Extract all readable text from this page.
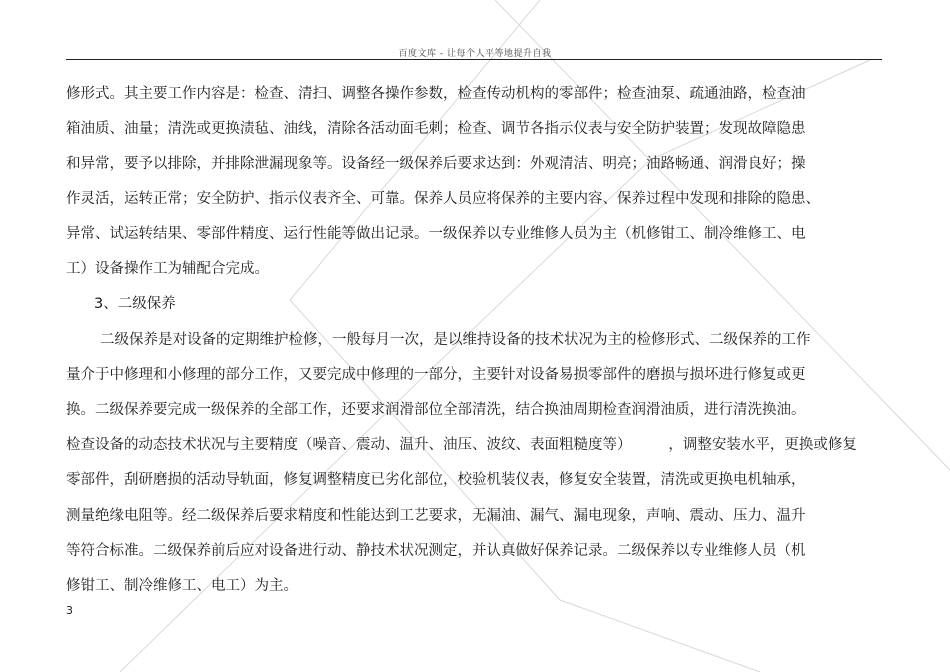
百度文库 - 让每个人平等地提升自我
修形式。其主要工作内容是：检查、清扫、调整各操作参数，检查传动机构的零部件；检查油泵、疏通油路，检查油
箱油质、油量；清洗或更换渍毡、油线，清除各活动面毛刺；检查、调节各指示仪表与安全防护装置；发现故障隐患
和异常，要予以排除，并排除泄漏现象等。设备经一级保养后要求达到：外观清洁、明亮；油路畅通、润滑良好；操
作灵活，运转正常；安全防护、指示仪表齐全、可靠。保养人员应将保养的主要内容、保养过程中发现和排除的隐患、
异常、试运转结果、零部件精度、运行性能等做出记录。一级保养以专业维修人员为主（机修钳工、制冷维修工、电
工）设备操作工为辅配合完成。
3、二级保养
二级保养是对设备的定期维护检修，一般每月一次，是以维持设备的技术状况为主的检修形式、二级保养的工作
量介于中修理和小修理的部分工作，又要完成中修理的一部分，主要针对设备易损零部件的磨损与损坏进行修复或更
换。二级保养要完成一级保养的全部工作，还要求润滑部位全部清洗，结合换油周期检查润滑油质，进行清洗换油。
检查设备的动态技术状况与主要精度（噪音、震动、温升、油压、波纹、表面粗糙度等）        ，调整安装水平，更换或修复
零部件，刮研磨损的活动导轨面，修复调整精度已劣化部位，校验机装仪表，修复安全装置，清洗或更换电机轴承，
测量绝缘电阻等。经二级保养后要求精度和性能达到工艺要求，无漏油、漏气、漏电现象，声响、震动、压力、温升
等符合标准。二级保养前后应对设备进行动、静技术状况测定，并认真做好保养记录。二级保养以专业维修人员（机
修钳工、制冷维修工、电工）为主。
3
